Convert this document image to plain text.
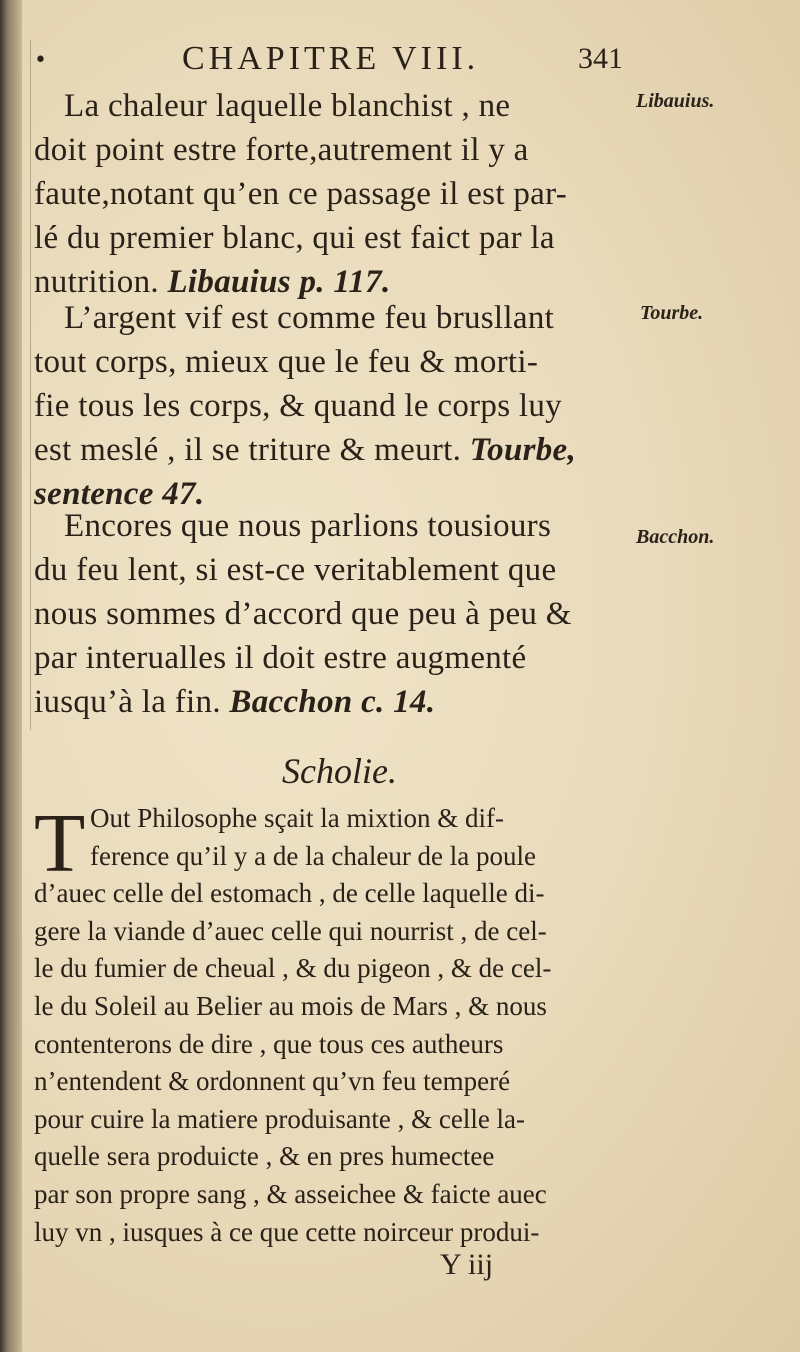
•	CHAPITRE VIII.	341
La chaleur laquelle blanchist , ne
doit point estre forte,autrement il y a
faute,notant qu’en ce passage il est par-
lé du premier blanc, qui est faict par la
nutrition. Libauius p. 117.
Libauius.
L’argent vif est comme feu brusllant
tout corps, mieux que le feu & morti-
fie tous les corps, & quand le corps luy
est meslé , il se triture & meurt. Tourbe,
sentence 47.
Tourbe.
Encores que nous parlions tousiours
du feu lent, si est-ce veritablement que
nous sommes d’accord que peu à peu &
par interualles il doit estre augmenté
iusqu’à la fin. Bacchon c. 14.
Bacchon.
Scholie.
T Out Philosophe sçait la mixtion & dif-
ference qu’il y a de la chaleur de la poule
d’auec celle del estomach , de celle laquelle di-
gere la viande d’auec celle qui nourrist , de cel-
le du fumier de cheual , & du pigeon , & de cel-
le du Soleil au Belier au mois de Mars , & nous
contenterons de dire , que tous ces autheurs
n’entendent & ordonnent qu’vn feu temperé
pour cuire la matiere produisante , & celle la-
quelle sera produicte , & en pres humectee
par son propre sang , & asseichee & faicte auec
luy vn , iusques à ce que cette noirceur produi-
Y iij
